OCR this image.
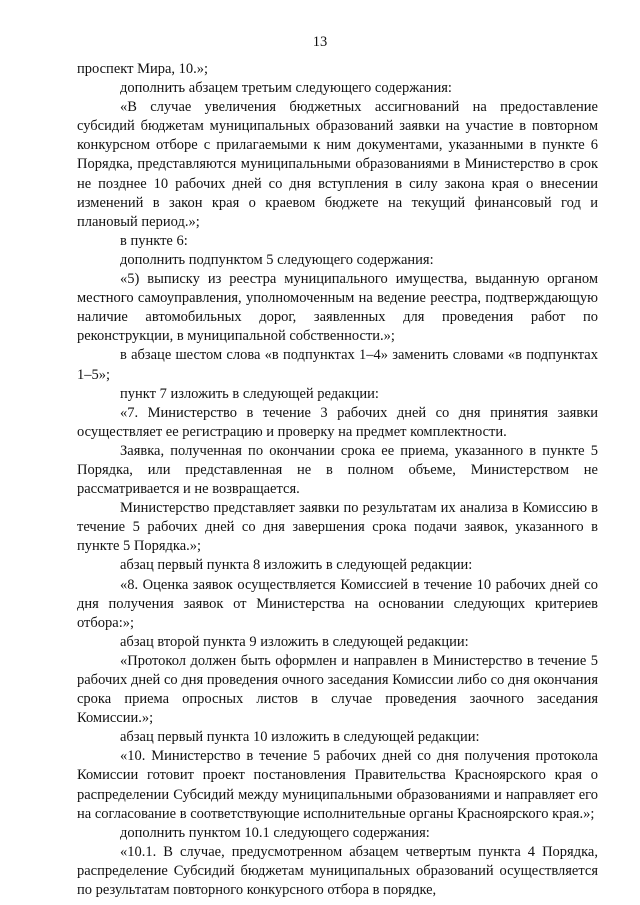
13

проспект Мира, 10.»;

дополнить абзацем третьим следующего содержания:

«В случае увеличения бюджетных ассигнований на предоставление субсидий бюджетам муниципальных образований заявки на участие в повторном конкурсном отборе с прилагаемыми к ним документами, указанными в пункте 6 Порядка, представляются муниципальными образованиями в Министерство в срок не позднее 10 рабочих дней со дня вступления в силу закона края о внесении изменений в закон края о краевом бюджете на текущий финансовый год и плановый период.»;

в пункте 6:

дополнить подпунктом 5 следующего содержания:

«5) выписку из реестра муниципального имущества, выданную органом местного самоуправления, уполномоченным на ведение реестра, подтверждающую наличие автомобильных дорог, заявленных для проведения работ по реконструкции, в муниципальной собственности.»;

в абзаце шестом слова «в подпунктах 1–4» заменить словами «в подпунктах 1–5»;

пункт 7 изложить в следующей редакции:

«7. Министерство в течение 3 рабочих дней со дня принятия заявки осуществляет ее регистрацию и проверку на предмет комплектности.

Заявка, полученная по окончании срока ее приема, указанного в пункте 5 Порядка, или представленная не в полном объеме, Министерством не рассматривается и не возвращается.

Министерство представляет заявки по результатам их анализа в Комиссию в течение 5 рабочих дней со дня завершения срока подачи заявок, указанного в пункте 5 Порядка.»;

абзац первый пункта 8 изложить в следующей редакции:

«8. Оценка заявок осуществляется Комиссией в течение 10 рабочих дней со дня получения заявок от Министерства на основании следующих критериев отбора:»;

абзац второй пункта 9 изложить в следующей редакции:

«Протокол должен быть оформлен и направлен в Министерство в течение 5 рабочих дней со дня проведения очного заседания Комиссии либо со дня окончания срока приема опросных листов в случае проведения заочного заседания Комиссии.»;

абзац первый пункта 10 изложить в следующей редакции:

«10. Министерство в течение 5 рабочих дней со дня получения протокола Комиссии готовит проект постановления Правительства Красноярского края о распределении Субсидий между муниципальными образованиями и направляет его на согласование в соответствующие исполнительные органы Красноярского края.»;

дополнить пунктом 10.1 следующего содержания:

«10.1. В случае, предусмотренном абзацем четвертым пункта 4 Порядка, распределение Субсидий бюджетам муниципальных образований осуществляется по результатам повторного конкурсного отбора в порядке,
